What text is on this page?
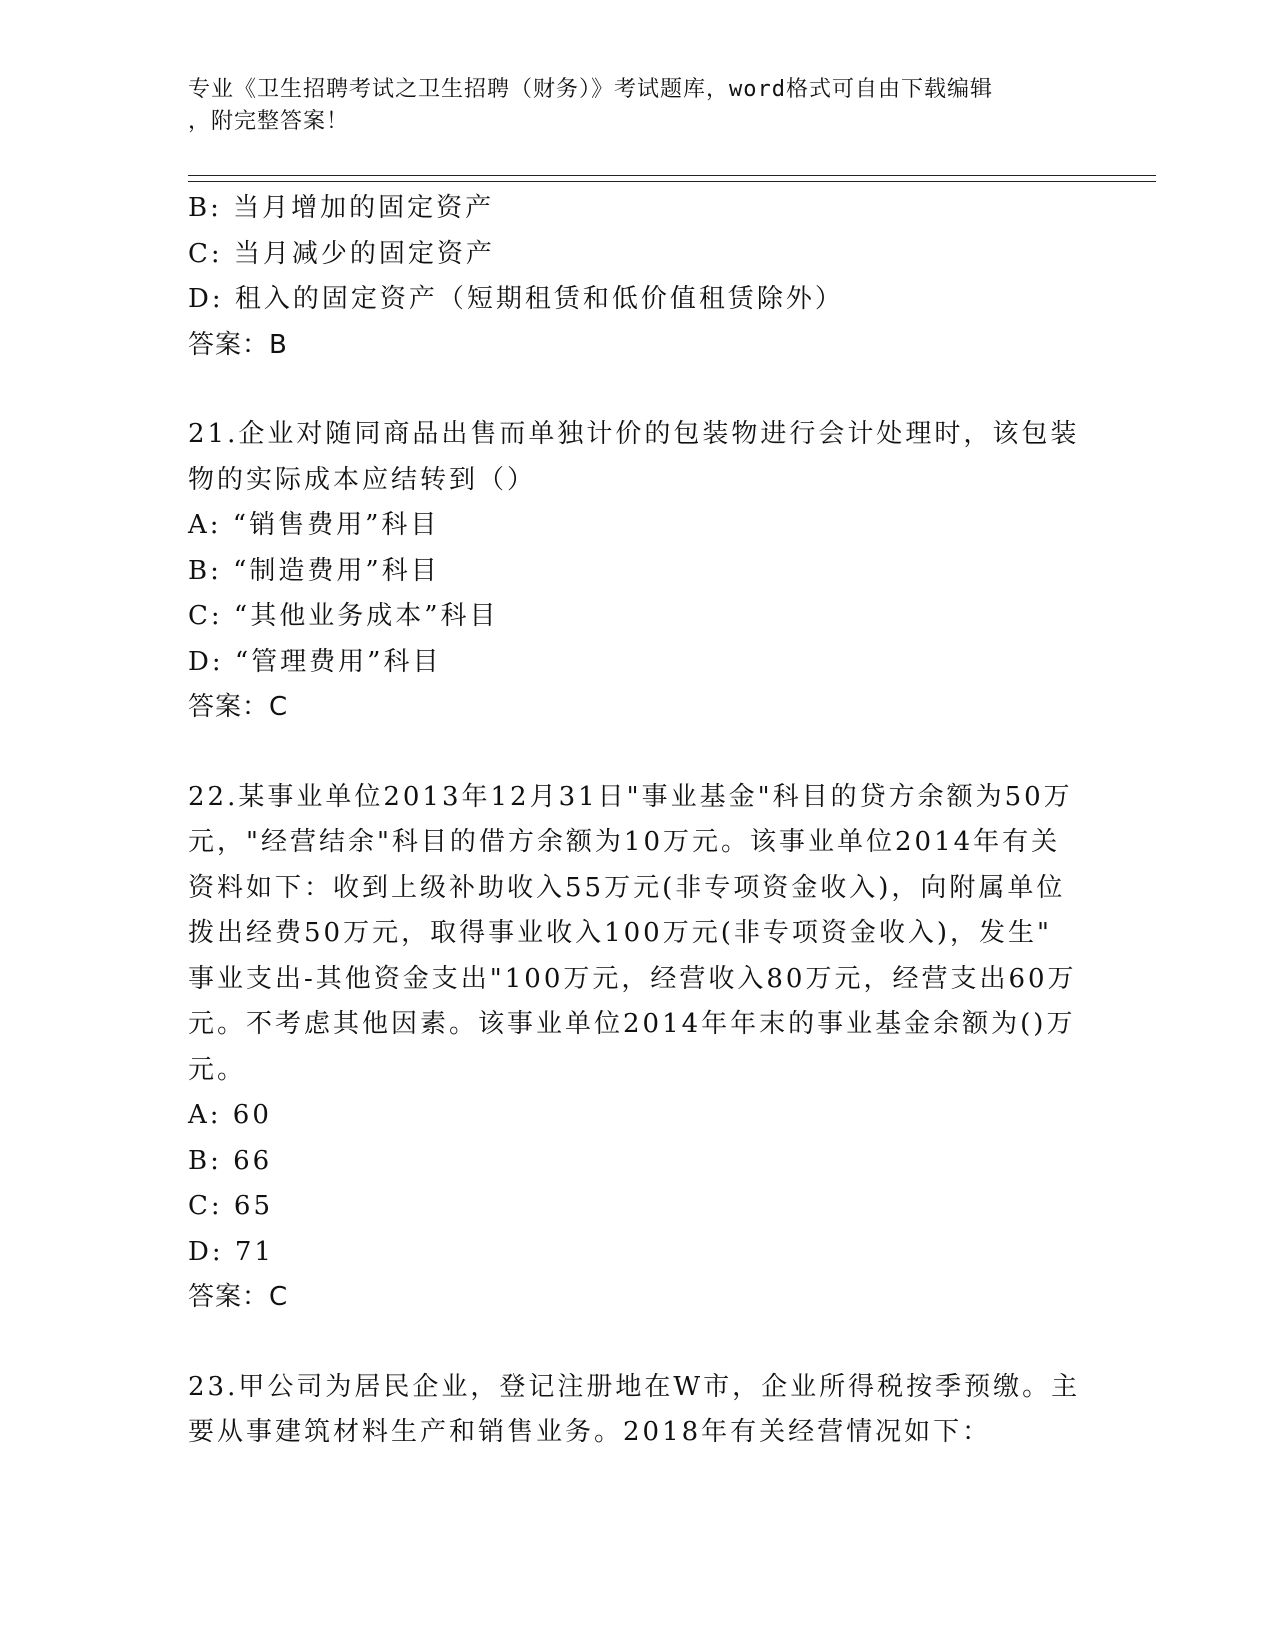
专业《卫生招聘考试之卫生招聘（财务）》考试题库，word格式可自由下载编辑
，附完整答案！

B: 当月增加的固定资产

C: 当月减少的固定资产

D: 租入的固定资产（短期租赁和低价值租赁除外）

答案：B

21.企业对随同商品出售而单独计价的包装物进行会计处理时，该包装

物的实际成本应结转到（）

A: “销售费用”科目

B: “制造费用”科目

C: “其他业务成本”科目

D: “管理费用”科目

答案：C

22.某事业单位2013年12月31日"事业基金"科目的贷方余额为50万

元，"经营结余"科目的借方余额为10万元。该事业单位2014年有关

资料如下：收到上级补助收入55万元(非专项资金收入)，向附属单位

拨出经费50万元，取得事业收入100万元(非专项资金收入)，发生"

事业支出-其他资金支出"100万元，经营收入80万元，经营支出60万

元。不考虑其他因素。该事业单位2014年年末的事业基金余额为()万

元。

A: 60

B: 66

C: 65

D: 71

答案：C

23.甲公司为居民企业，登记注册地在W市，企业所得税按季预缴。主

要从事建筑材料生产和销售业务。2018年有关经营情况如下：
